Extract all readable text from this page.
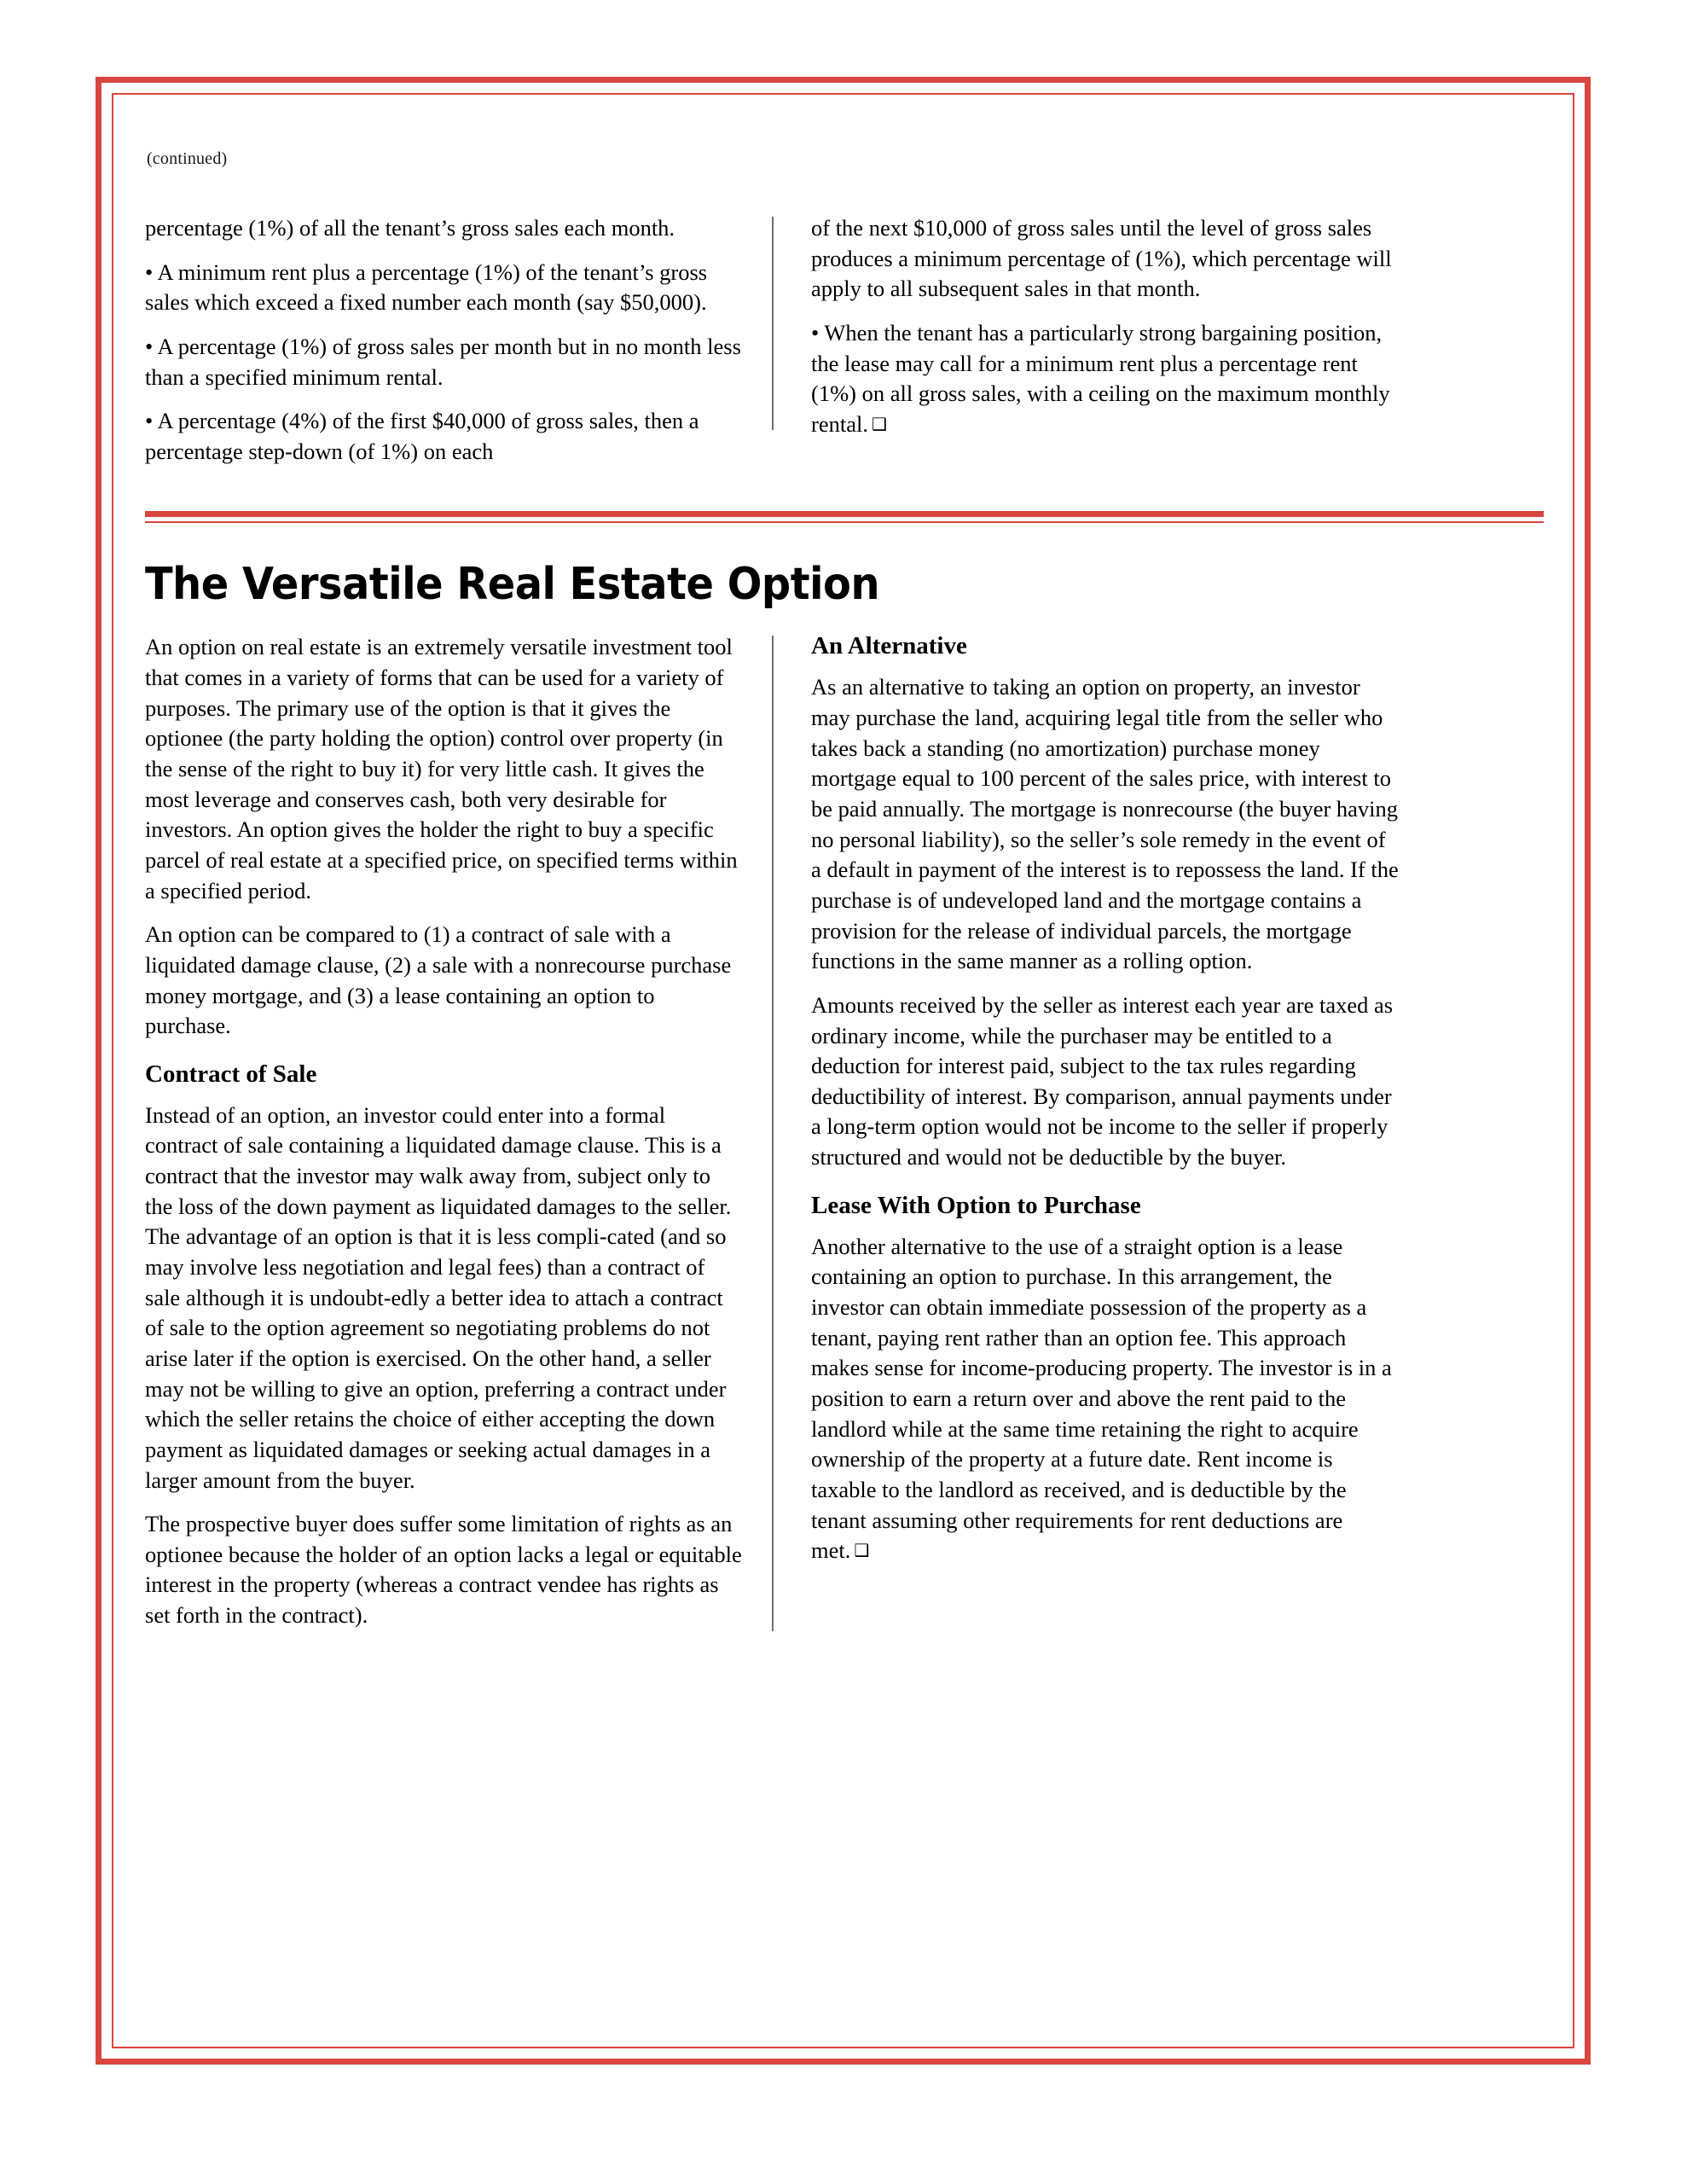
(continued)

percentage (1%) of all the tenant’s gross sales each month.

• A minimum rent plus a percentage (1%) of the tenant’s gross sales which exceed a fixed number each month (say $50,000).

• A percentage (1%) of gross sales per month but in no month less than a specified minimum rental.

• A percentage (4%) of the first $40,000 of gross sales, then a percentage step-down (of 1%) on each

of the next $10,000 of gross sales until the level of gross sales produces a minimum percentage of (1%), which percentage will apply to all subsequent sales in that month.

• When the tenant has a particularly strong bargaining position, the lease may call for a minimum rent plus a percentage rent (1%) on all gross sales, with a ceiling on the maximum monthly rental. ❑

The Versatile Real Estate Option

An option on real estate is an extremely versatile investment tool that comes in a variety of forms that can be used for a variety of purposes. The primary use of the option is that it gives the optionee (the party holding the option) control over property (in the sense of the right to buy it) for very little cash. It gives the most leverage and conserves cash, both very desirable for investors. An option gives the holder the right to buy a specific parcel of real estate at a specified price, on specified terms within a specified period.

An option can be compared to (1) a contract of sale with a liquidated damage clause, (2) a sale with a nonrecourse purchase money mortgage, and (3) a lease containing an option to purchase.

Contract of Sale

Instead of an option, an investor could enter into a formal contract of sale containing a liquidated damage clause. This is a contract that the investor may walk away from, subject only to the loss of the down payment as liquidated damages to the seller. The advantage of an option is that it is less compli-cated (and so may involve less negotiation and legal fees) than a contract of sale although it is undoubt-edly a better idea to attach a contract of sale to the option agreement so negotiating problems do not arise later if the option is exercised. On the other hand, a seller may not be willing to give an option, preferring a contract under which the seller retains the choice of either accepting the down payment as liquidated damages or seeking actual damages in a larger amount from the buyer.

The prospective buyer does suffer some limitation of rights as an optionee because the holder of an option lacks a legal or equitable interest in the property (whereas a contract vendee has rights as set forth in the contract).

An Alternative

As an alternative to taking an option on property, an investor may purchase the land, acquiring legal title from the seller who takes back a standing (no amortization) purchase money mortgage equal to 100 percent of the sales price, with interest to be paid annually. The mortgage is nonrecourse (the buyer having no personal liability), so the seller’s sole remedy in the event of a default in payment of the interest is to repossess the land. If the purchase is of undeveloped land and the mortgage contains a provision for the release of individual parcels, the mortgage functions in the same manner as a rolling option.

Amounts received by the seller as interest each year are taxed as ordinary income, while the purchaser may be entitled to a deduction for interest paid, subject to the tax rules regarding deductibility of interest. By comparison, annual payments under a long-term option would not be income to the seller if properly structured and would not be deductible by the buyer.

Lease With Option to Purchase

Another alternative to the use of a straight option is a lease containing an option to purchase. In this arrangement, the investor can obtain immediate possession of the property as a tenant, paying rent rather than an option fee. This approach makes sense for income-producing property. The investor is in a position to earn a return over and above the rent paid to the landlord while at the same time retaining the right to acquire ownership of the property at a future date. Rent income is taxable to the landlord as received, and is deductible by the tenant assuming other requirements for rent deductions are met. ❑
